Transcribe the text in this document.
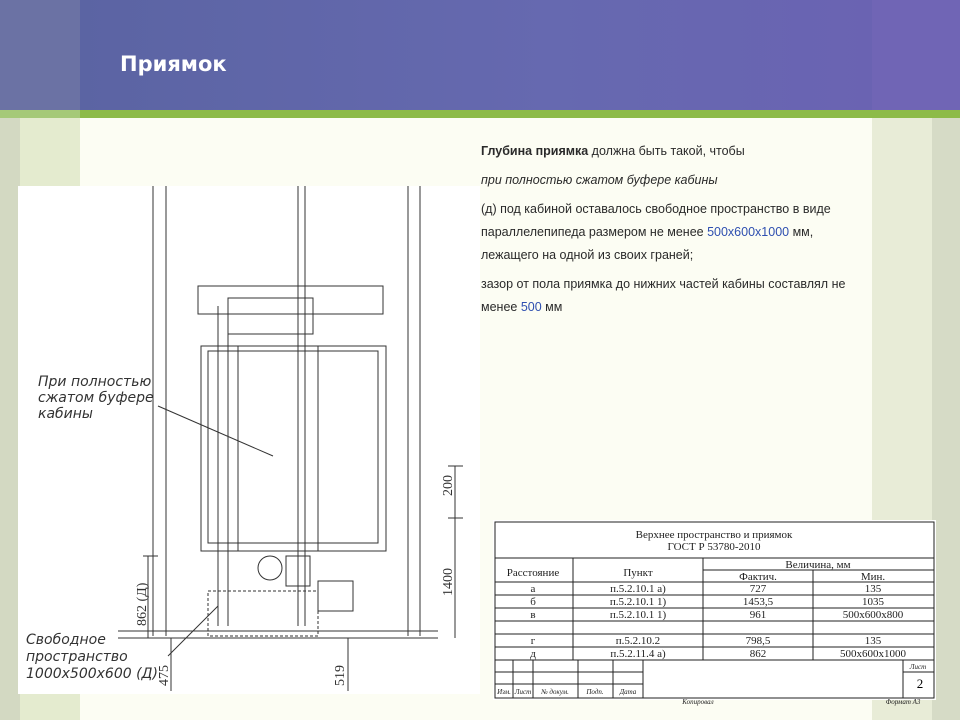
Приямок

Глубина приямка должна быть такой, чтобы

при полностью сжатом буфере кабины

(д) под кабиной оставалось свободное пространство в виде параллелепипеда размером не менее 500х600х1000 мм, лежащего на одной из своих граней;

зазор от пола приямка до нижних частей кабины составлял не менее 500 мм

При полностью
сжатом буфере
кабины
Свободное
пространство
1000х500х600 (Д)
862 (Д)
475	519
1400
200
Верхнее пространство и приямок
ГОСТ Р 53780-2010
Расстояние	Пункт
Величина, мм
Фактич.	Мин.
а	п.5.2.10.1 а)	727	135
б	п.5.2.10.1 1)	1453,5	1035
в	п.5.2.10.1 1)	961	500х600х800
г	п.5.2.10.2	798,5	135
д	п.5.2.11.4 а)	862	500х600х1000
Изм. Лист № докум. Подп. Дата
Лист
Копировал	Формат А3
2
